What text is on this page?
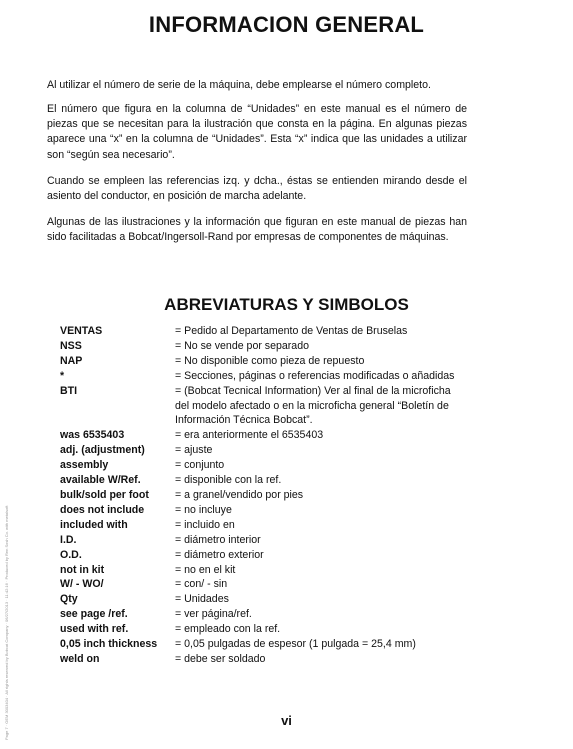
INFORMACION GENERAL

Al utilizar el número de serie de la máquina, debe emplearse el número completo.

El número que figura en la columna de “Unidades” en este manual es el número de piezas que se necesitan para la ilustración que consta en la página. En algunas piezas aparece una “x” en la columna de “Unidades”. Esta “x” indica que las unidades a utilizar son “según sea necesario”.

Cuando se empleen las referencias izq. y dcha., éstas se entienden mirando desde el asiento del conductor, en posición de marcha adelante.

Algunas de las ilustraciones y la información que figuran en este manual de piezas han sido facilitadas a Bobcat/Ingersoll-Rand por empresas de componentes de máquinas.

ABREVIATURAS Y SIMBOLOS
VENTAS	= Pedido al Departamento de Ventas de Bruselas
NSS	= No se vende por separado
NAP	= No disponible como pieza de repuesto
*	= Secciones, páginas o referencias modificadas o añadidas
BTI	= (Bobcat Tecnical Information) Ver al final de la microficha
del modelo afectado o en la microficha general “Boletín de
Información Técnica Bobcat”.
was 6535403	= era anteriormente el 6535403
adj. (adjustment)	= ajuste
assembly	= conjunto
available W/Ref.	= disponible con la ref.
bulk/sold per foot	= a granel/vendido por pies
does not include	= no incluye
included with	= incluido en
I.D.	= diámetro interior
O.D.	= diámetro exterior
not in kit	= no en el kit
W/ - WO/	= con/ - sin
Qty	= Unidades
see page /ref.	= ver página/ref.
used with ref.	= empleado con la ref.
0,05 inch thickness	= 0,05 pulgadas de espesor (1 pulgada = 25,4 mm)
weld on	= debe ser soldado
vi
Page 7 · OEM 3003404 · All rights reserved by Bobcat Company · 06/27/2013 · 11:42:16 · Produced by Ren Sosh Co. with metalsoft
